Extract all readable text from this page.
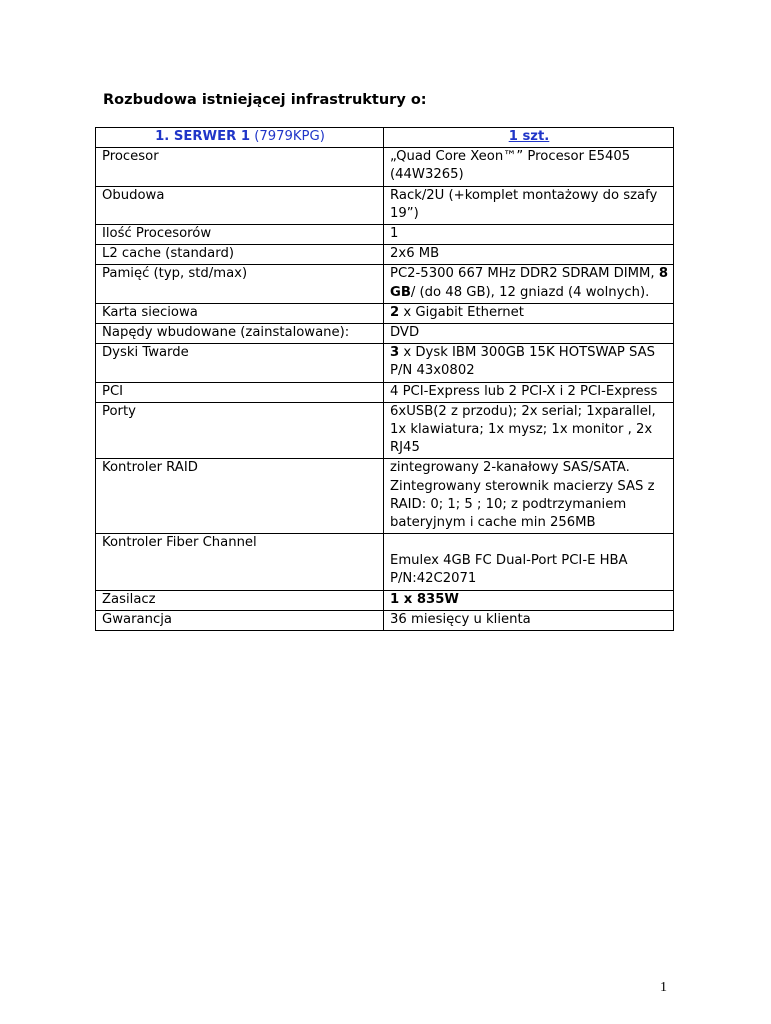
Rozbudowa istniejącej infrastruktury o:
1. SERWER 1 (7979KPG)	1 szt.
Procesor	„Quad Core Xeon™” Procesor E5405 (44W3265)
Obudowa	Rack/2U (+komplet montażowy do szafy 19”)
Ilość Procesorów	1
L2 cache (standard)	2x6 MB
Pamięć (typ, std/max)	PC2-5300 667 MHz DDR2 SDRAM DIMM, 8 GB/ (do 48 GB), 12 gniazd (4 wolnych).
Karta sieciowa	2 x Gigabit Ethernet
Napędy wbudowane (zainstalowane):	DVD
Dyski Twarde	3 x Dysk IBM 300GB 15K HOTSWAP SAS P/N 43x0802
PCI	4 PCI-Express lub 2 PCI-X i 2 PCI-Express
Porty	6xUSB(2 z przodu); 2x serial; 1xparallel, 1x klawiatura; 1x mysz; 1x monitor , 2x RJ45
Kontroler RAID	zintegrowany 2-kanałowy SAS/SATA. Zintegrowany sterownik macierzy SAS z RAID: 0; 1; 5 ; 10; z podtrzymaniem bateryjnym i cache min 256MB
Kontroler Fiber Channel	Emulex 4GB FC Dual-Port PCI-E HBA P/N:42C2071
Zasilacz	1 x 835W
Gwarancja	36 miesięcy u klienta
1
